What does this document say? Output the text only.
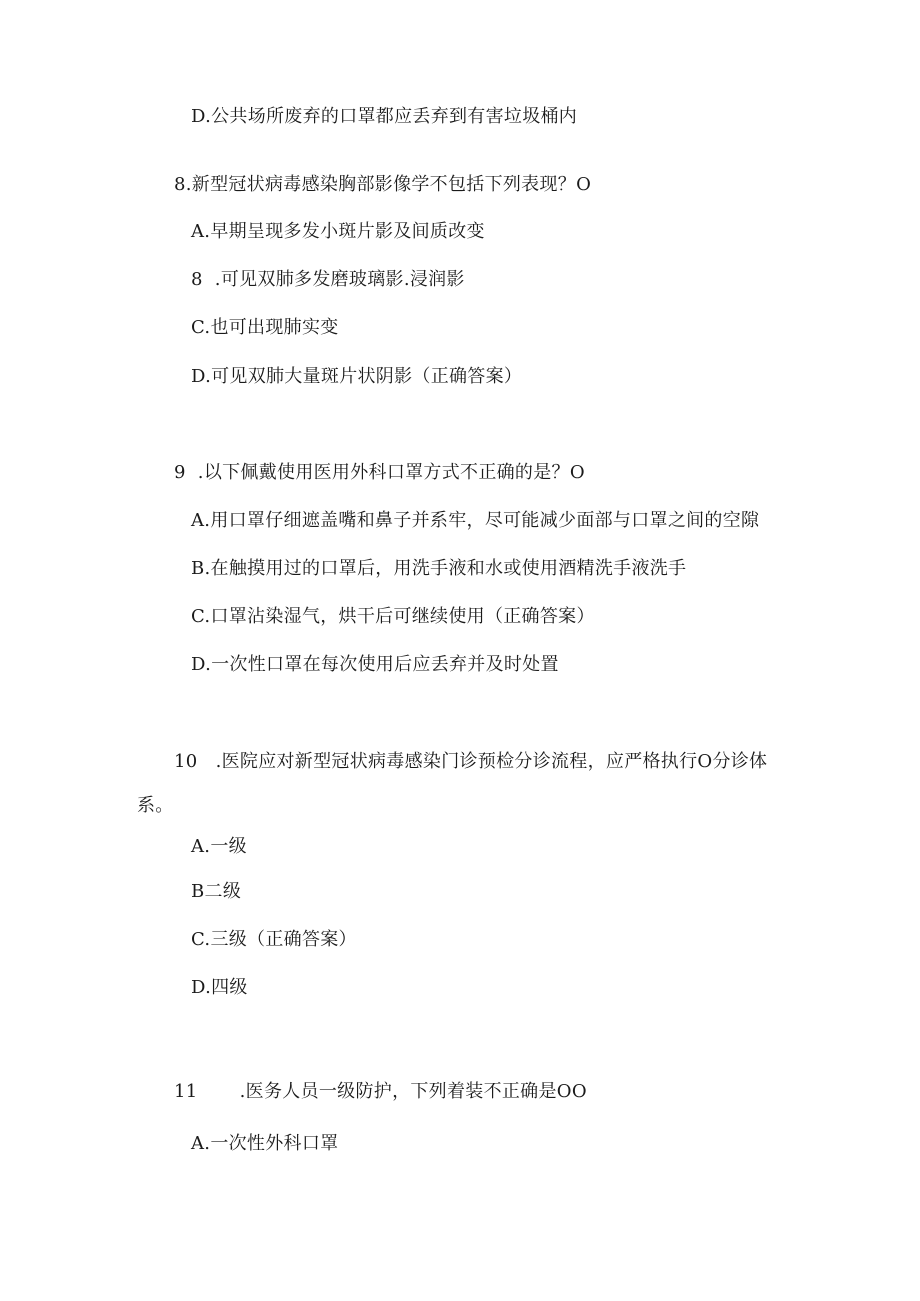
D.公共场所废弃的口罩都应丢弃到有害垃圾桶内
8.新型冠状病毒感染胸部影像学不包括下列表现？O
A.早期呈现多发小斑片影及间质改变
8  .可见双肺多发磨玻璃影.浸润影
C.也可出现肺实变
D.可见双肺大量斑片状阴影（正确答案）
9  .以下佩戴使用医用外科口罩方式不正确的是？O
A.用口罩仔细遮盖嘴和鼻子并系牢，尽可能减少面部与口罩之间的空隙
B.在触摸用过的口罩后，用洗手液和水或使用酒精洗手液洗手
C.口罩沾染湿气，烘干后可继续使用（正确答案）
D.一次性口罩在每次使用后应丢弃并及时处置
10   .医院应对新型冠状病毒感染门诊预检分诊流程，应严格执行O分诊体
系。
A.一级
B二级
C.三级（正确答案）
D.四级
11       .医务人员一级防护，下列着装不正确是OO
A.一次性外科口罩
